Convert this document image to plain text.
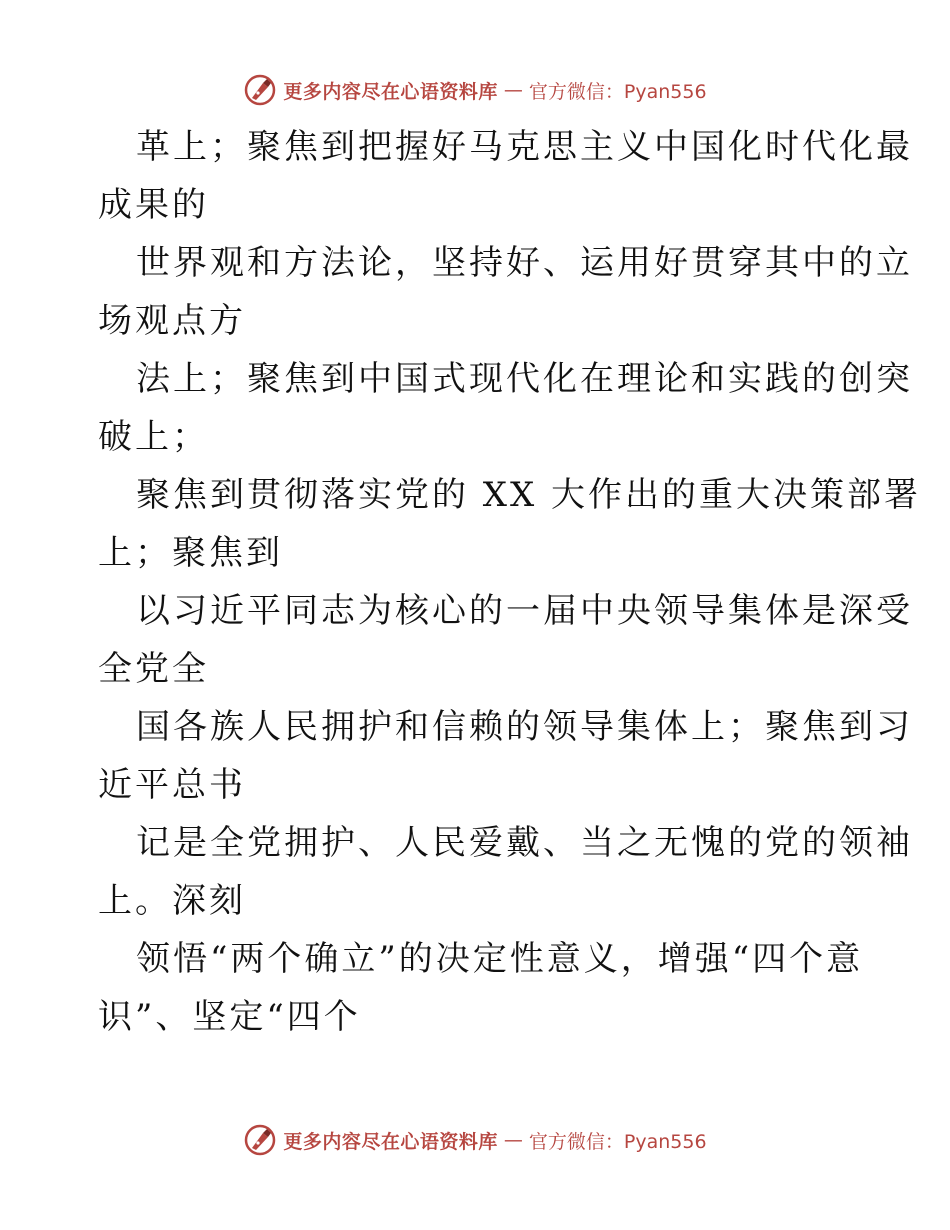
更多内容尽在心语资料库 — 官方微信：Pyan556

革上；聚焦到把握好马克思主义中国化时代化最
成果的

世界观和方法论，坚持好、运用好贯穿其中的立
场观点方

法上；聚焦到中国式现代化在理论和实践的创突
破上；

聚焦到贯彻落实党的 XX 大作出的重大决策部署
上；聚焦到

以习近平同志为核心的一届中央领导集体是深受
全党全

国各族人民拥护和信赖的领导集体上；聚焦到习
近平总书

记是全党拥护、人民爱戴、当之无愧的党的领袖
上。深刻

领悟“两个确立”的决定性意义，增强“四个意
识”、坚定“四个

更多内容尽在心语资料库 — 官方微信：Pyan556
